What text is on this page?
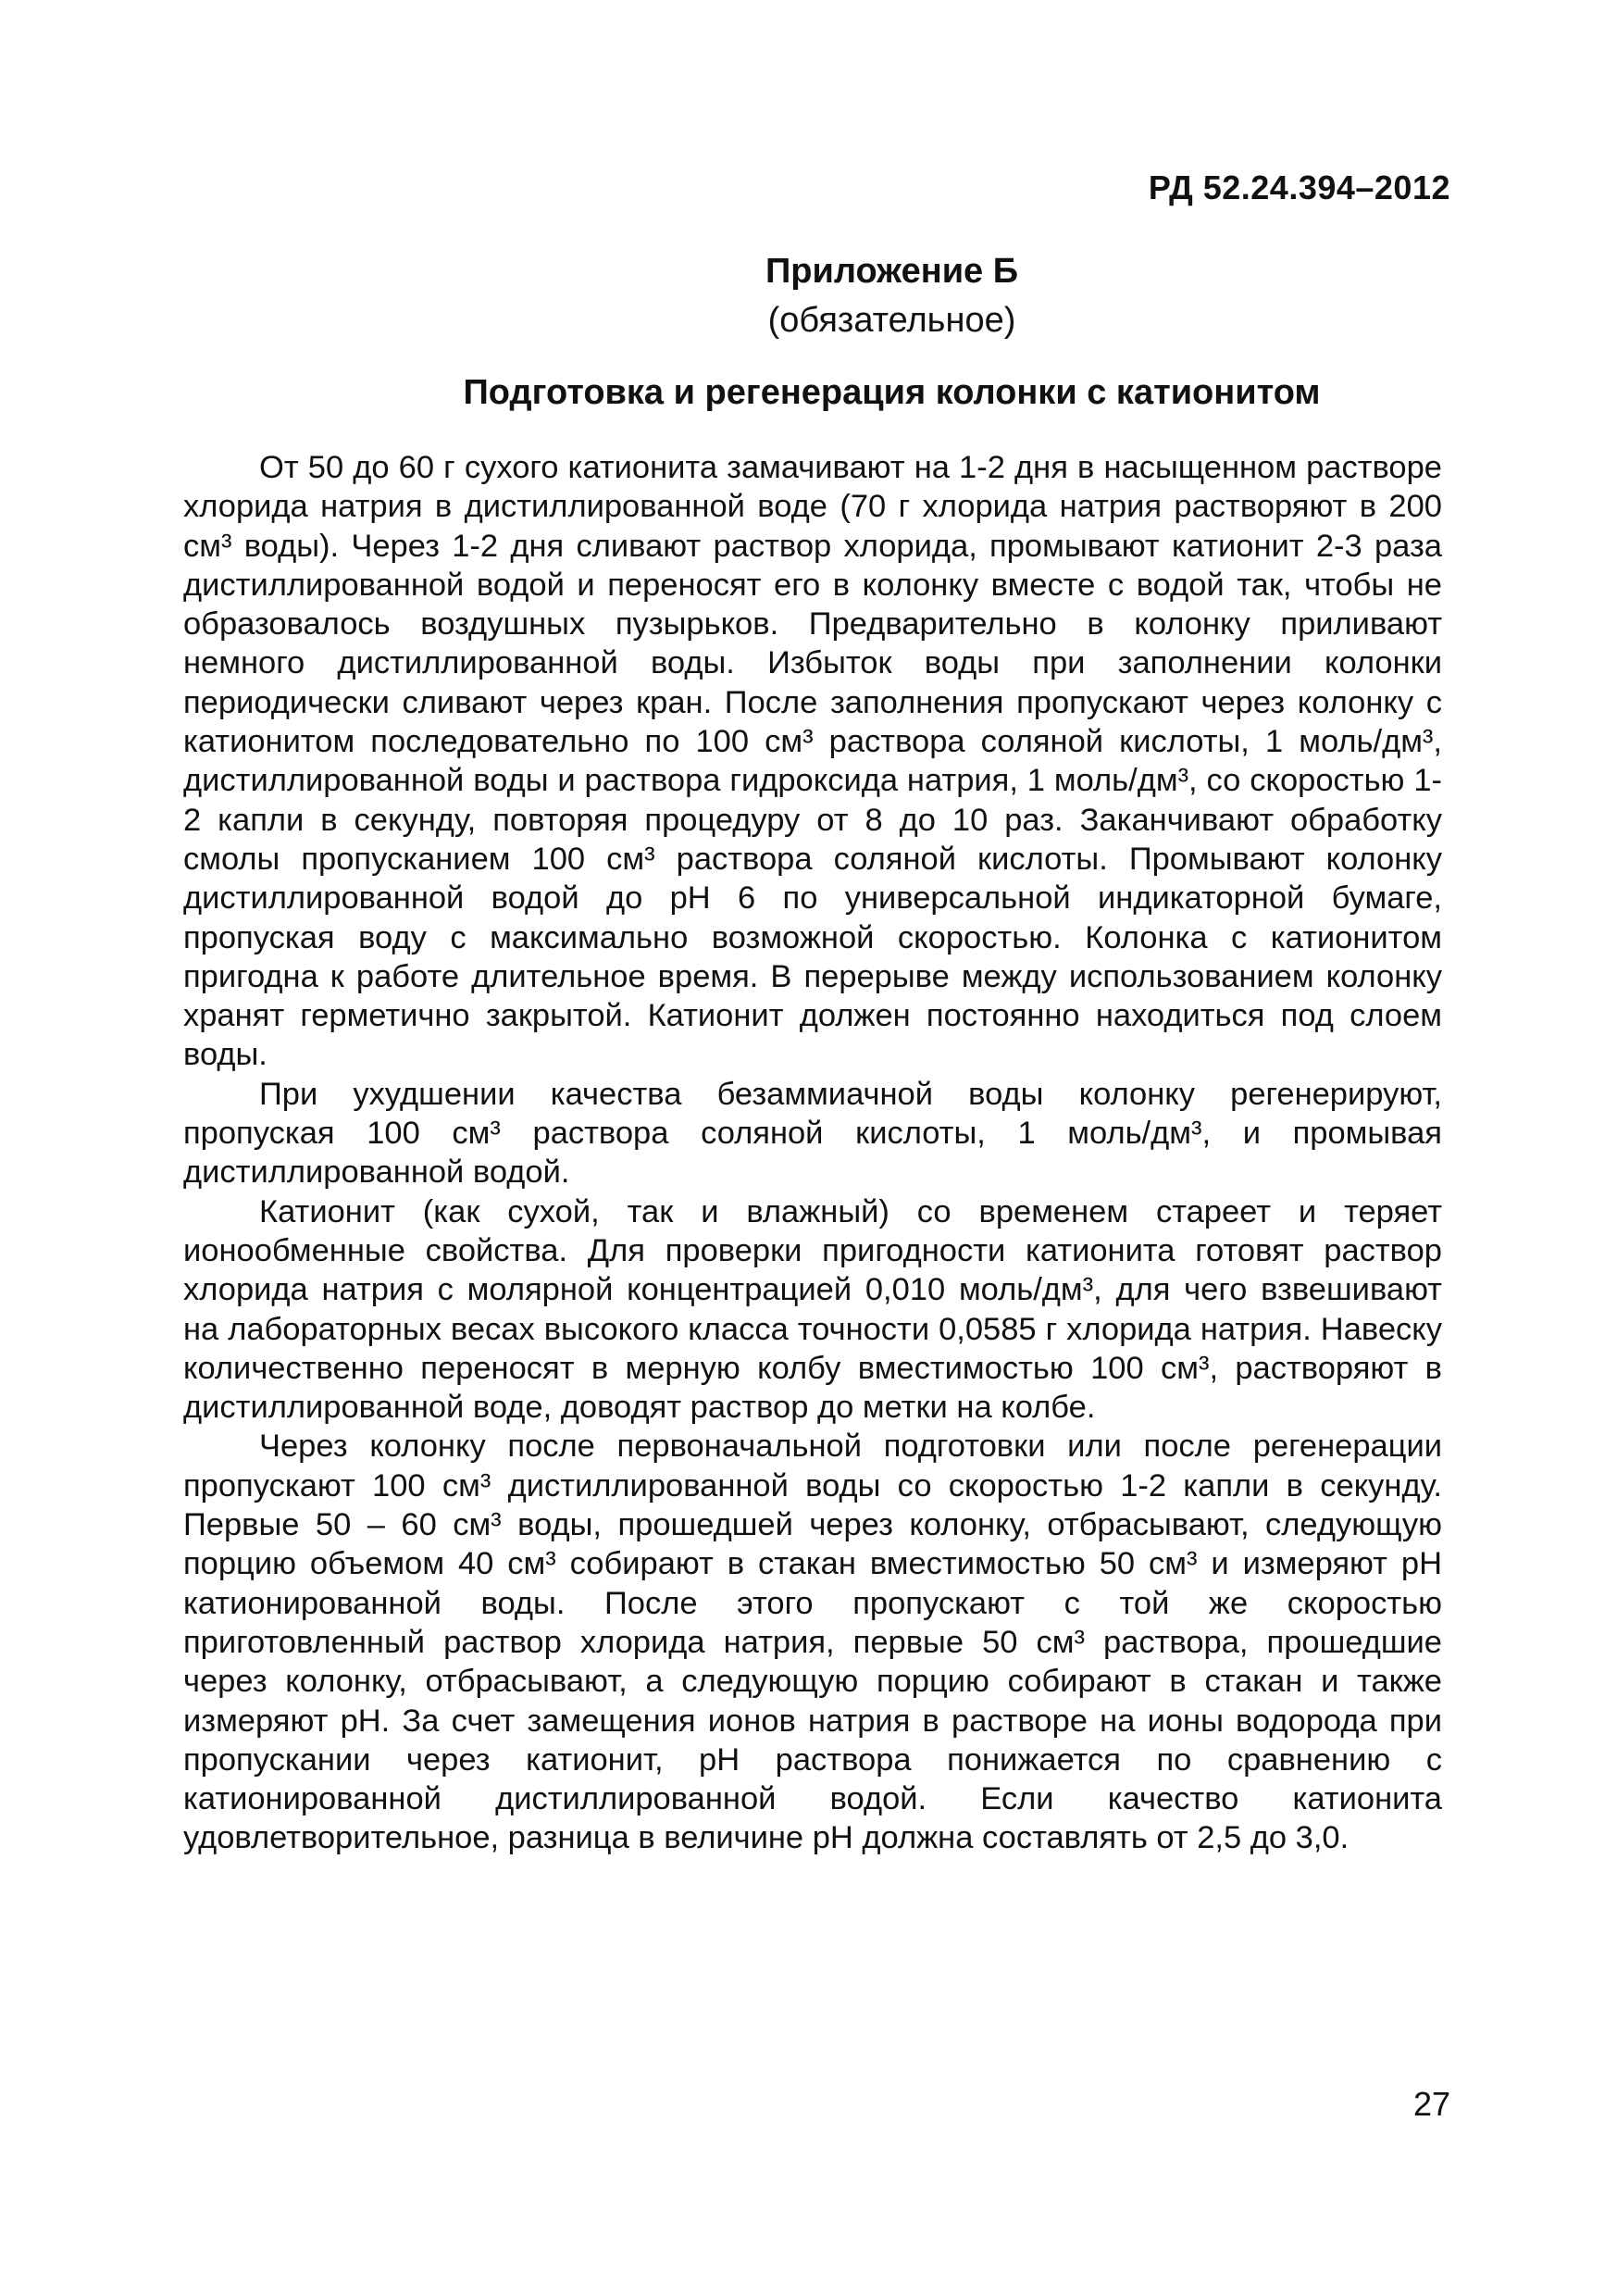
РД 52.24.394–2012
Приложение Б
(обязательное)
Подготовка и регенерация колонки с катионитом

От 50 до 60 г сухого катионита замачивают на 1-2 дня в насыщенном растворе хлорида натрия в дистиллированной воде (70 г хлорида натрия растворяют в 200 см³ воды). Через 1-2 дня сливают раствор хлорида, промывают катионит 2-3 раза дистиллированной водой и переносят его в колонку вместе с водой так, чтобы не образовалось воздушных пузырьков. Предварительно в колонку приливают немного дистиллированной воды. Избыток воды при заполнении колонки периодически сливают через кран. После заполнения пропускают через колонку с катионитом последовательно по 100 см³ раствора соляной кислоты, 1 моль/дм³, дистиллированной воды и раствора гидроксида натрия, 1 моль/дм³, со скоростью 1-2 капли в секунду, повторяя процедуру от 8 до 10 раз. Заканчивают обработку смолы пропусканием 100 см³ раствора соляной кислоты. Промывают колонку дистиллированной водой до рН 6 по универсальной индикаторной бумаге, пропуская воду с максимально возможной скоростью. Колонка с катионитом пригодна к работе длительное время. В перерыве между использованием колонку хранят герметично закрытой. Катионит должен постоянно находиться под слоем воды.

При ухудшении качества безаммиачной воды колонку регенерируют, пропуская 100 см³ раствора соляной кислоты, 1 моль/дм³, и промывая дистиллированной водой.

Катионит (как сухой, так и влажный) со временем стареет и теряет ионообменные свойства. Для проверки пригодности катионита готовят раствор хлорида натрия с молярной концентрацией 0,010 моль/дм³, для чего взвешивают на лабораторных весах высокого класса точности 0,0585 г хлорида натрия. Навеску количественно переносят в мерную колбу вместимостью 100 см³, растворяют в дистиллированной воде, доводят раствор до метки на колбе.

Через колонку после первоначальной подготовки или после регенерации пропускают 100 см³ дистиллированной воды со скоростью 1-2 капли в секунду. Первые 50 – 60 см³ воды, прошедшей через колонку, отбрасывают, следующую порцию объемом 40 см³ собирают в стакан вместимостью 50 см³ и измеряют рН катионированной воды. После этого пропускают с той же скоростью приготовленный раствор хлорида натрия, первые 50 см³ раствора, прошедшие через колонку, отбрасывают, а следующую порцию собирают в стакан и также измеряют рН. За счет замещения ионов натрия в растворе на ионы водорода при пропускании через катионит, рН раствора понижается по сравнению с катионированной дистиллированной водой. Если качество катионита удовлетворительное, разница в величине рН должна составлять от 2,5 до 3,0.

27
